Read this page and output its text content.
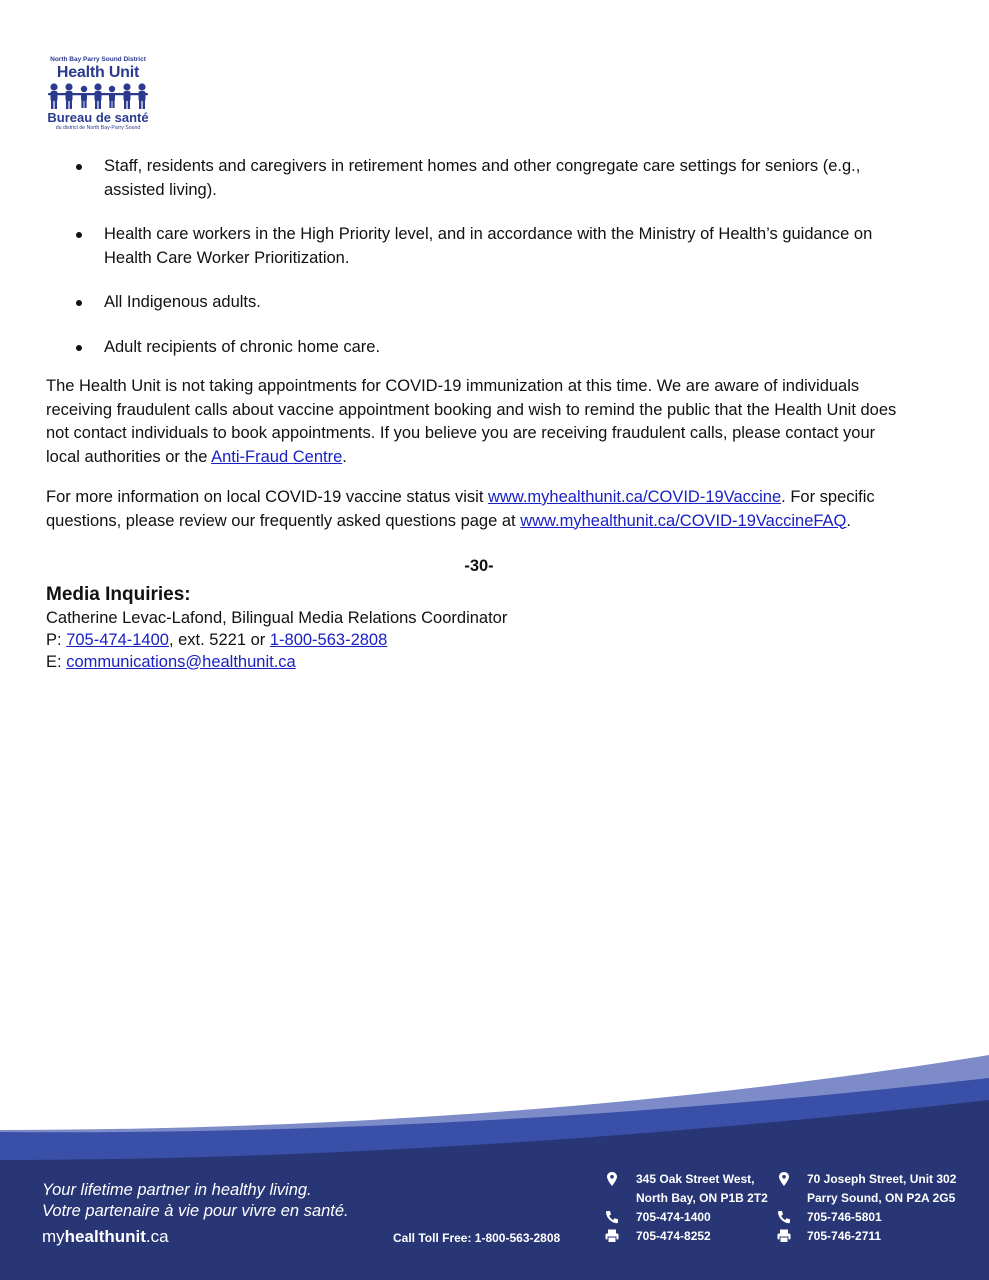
North Bay Parry Sound District
Health Unit
Bureau de santé
du district de North Bay-Parry Sound
Staff, residents and caregivers in retirement homes and other congregate care settings for seniors (e.g., assisted living).
Health care workers in the High Priority level, and in accordance with the Ministry of Health’s guidance on Health Care Worker Prioritization.
All Indigenous adults.
Adult recipients of chronic home care.

The Health Unit is not taking appointments for COVID-19 immunization at this time. We are aware of individuals receiving fraudulent calls about vaccine appointment booking and wish to remind the public that the Health Unit does not contact individuals to book appointments. If you believe you are receiving fraudulent calls, please contact your local authorities or the Anti-Fraud Centre.

For more information on local COVID-19 vaccine status visit www.myhealthunit.ca/COVID-19Vaccine. For specific questions, please review our frequently asked questions page at www.myhealthunit.ca/COVID-19VaccineFAQ.

-30-
Media Inquiries:
Catherine Levac-Lafond, Bilingual Media Relations Coordinator
P: 705-474-1400, ext. 5221 or 1-800-563-2808
E: communications@healthunit.ca
Your lifetime partner in healthy living.
Votre partenaire à vie pour vivre en santé.
myhealthunit.ca	Call Toll Free: 1-800-563-2808
345 Oak Street West,
North Bay, ON P1B 2T2
705-474-1400
705-474-8252
70 Joseph Street, Unit 302
Parry Sound, ON P2A 2G5
705-746-5801
705-746-2711
